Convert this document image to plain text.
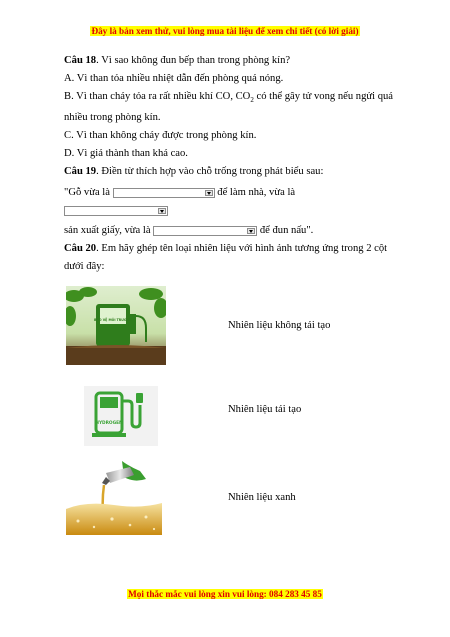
Đây là bản xem thử, vui lòng mua tài liệu để xem chi tiết (có lời giải)

Câu 18. Vì sao không đun bếp than trong phòng kín?

A. Vì than tỏa nhiều nhiệt dẫn đến phòng quá nóng.

B. Vì than cháy tỏa ra rất nhiều khí CO, $CO_2$ có thể gây tử vong nếu ngửi quá

nhiều trong phòng kín.

C. Vì than không cháy được trong phòng kín.

D. Vì giá thành than khá cao.

Câu 19. Điền từ thích hợp vào chỗ trống trong phát biểu sau:

"Gỗ vừa là	để làm nhà, vừa là

sản xuất giấy, vừa là	để đun nấu".

Câu 20. Em hãy ghép tên loại nhiên liệu với hình ảnh tương ứng trong 2 cột

dưới đây:

BẢO VỆ MÔI TRƯỜNG
HYDROGEN
Nhiên liệu không tái tạo
Nhiên liệu tái tạo
Nhiên liệu xanh
Mọi thắc mắc vui lòng xin vui lòng: 084 283 45 85
